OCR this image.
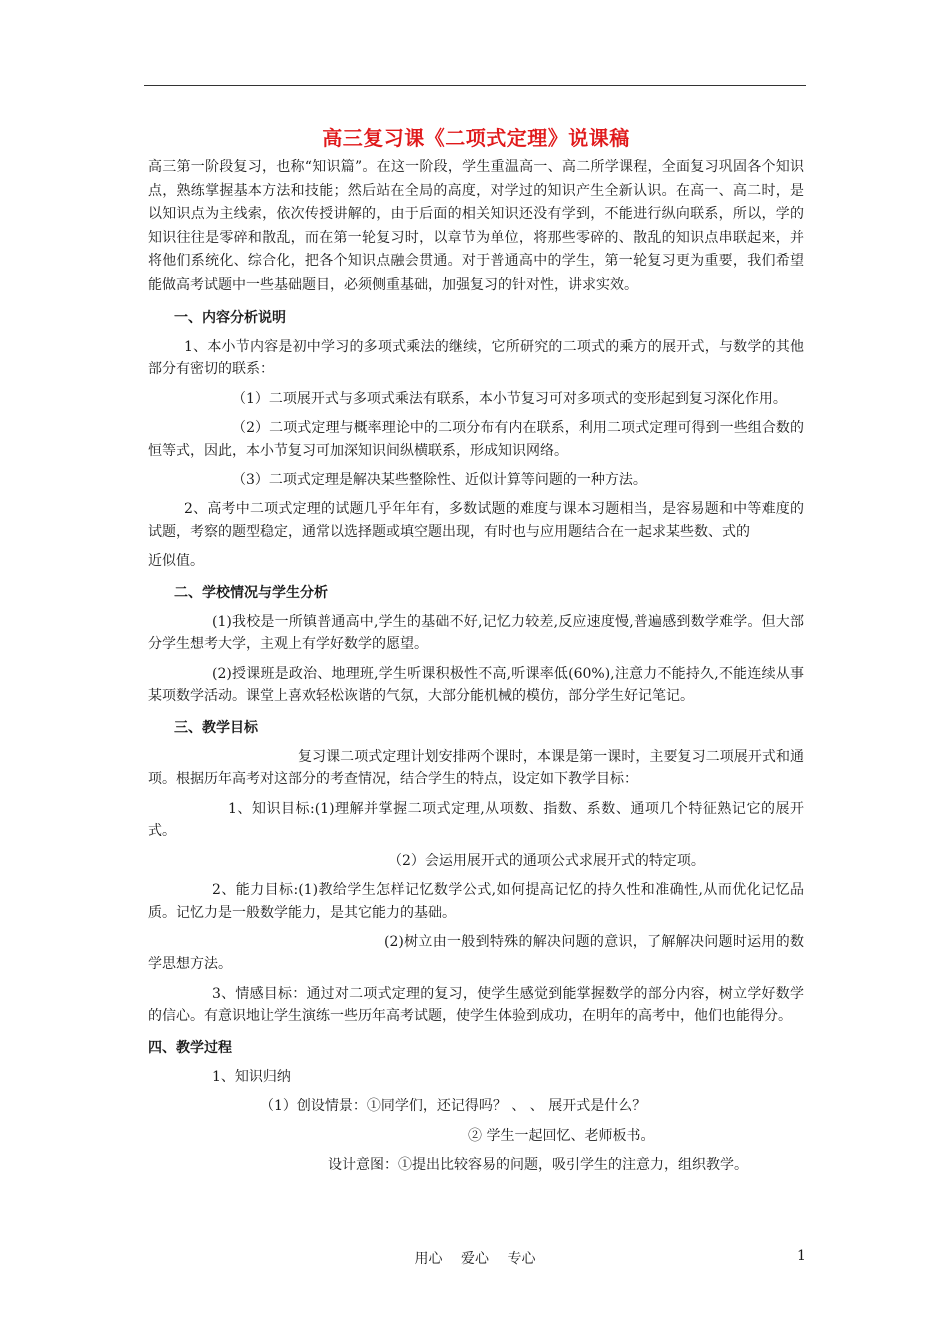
高三复习课《二项式定理》说课稿

高三第一阶段复习，也称“知识篇”。在这一阶段，学生重温高一、高二所学课程，全面复习巩固各个知识点，熟练掌握基本方法和技能；然后站在全局的高度，对学过的知识产生全新认识。在高一、高二时，是以知识点为主线索，依次传授讲解的，由于后面的相关知识还没有学到，不能进行纵向联系，所以，学的知识往往是零碎和散乱，而在第一轮复习时，以章节为单位，将那些零碎的、散乱的知识点串联起来，并将他们系统化、综合化，把各个知识点融会贯通。对于普通高中的学生，第一轮复习更为重要，我们希望能做高考试题中一些基础题目，必须侧重基础，加强复习的针对性，讲求实效。

一、内容分析说明

1、本小节内容是初中学习的多项式乘法的继续，它所研究的二项式的乘方的展开式，与数学的其他部分有密切的联系：

（1）二项展开式与多项式乘法有联系，本小节复习可对多项式的变形起到复习深化作用。

（2）二项式定理与概率理论中的二项分布有内在联系，利用二项式定理可得到一些组合数的恒等式，因此，本小节复习可加深知识间纵横联系，形成知识网络。

（3）二项式定理是解决某些整除性、近似计算等问题的一种方法。

2、高考中二项式定理的试题几乎年年有，多数试题的难度与课本习题相当，是容易题和中等难度的试题，考察的题型稳定，通常以选择题或填空题出现，有时也与应用题结合在一起求某些数、式的

近似值。

二、学校情况与学生分析

(1)我校是一所镇普通高中,学生的基础不好,记忆力较差,反应速度慢,普遍感到数学难学。但大部分学生想考大学，主观上有学好数学的愿望。

(2)授课班是政治、地理班,学生听课积极性不高,听课率低(60%),注意力不能持久,不能连续从事某项数学活动。课堂上喜欢轻松诙谐的气氛，大部分能机械的模仿，部分学生好记笔记。

三、教学目标

复习课二项式定理计划安排两个课时，本课是第一课时，主要复习二项展开式和通项。根据历年高考对这部分的考查情况，结合学生的特点，设定如下教学目标：

1、知识目标:(1)理解并掌握二项式定理,从项数、指数、系数、通项几个特征熟记它的展开式。

（2）会运用展开式的通项公式求展开式的特定项。

2、能力目标:(1)教给学生怎样记忆数学公式,如何提高记忆的持久性和准确性,从而优化记忆品质。记忆力是一般数学能力，是其它能力的基础。

(2)树立由一般到特殊的解决问题的意识，了解解决问题时运用的数学思想方法。

3、情感目标：通过对二项式定理的复习，使学生感觉到能掌握数学的部分内容，树立学好数学的信心。有意识地让学生演练一些历年高考试题，使学生体验到成功，在明年的高考中，他们也能得分。

四、教学过程

1、知识归纳

（1）创设情景：①同学们，还记得吗？ 、 、 展开式是什么？

② 学生一起回忆、老师板书。

设计意图：①提出比较容易的问题，吸引学生的注意力，组织教学。

用心 爱心 专心	1
